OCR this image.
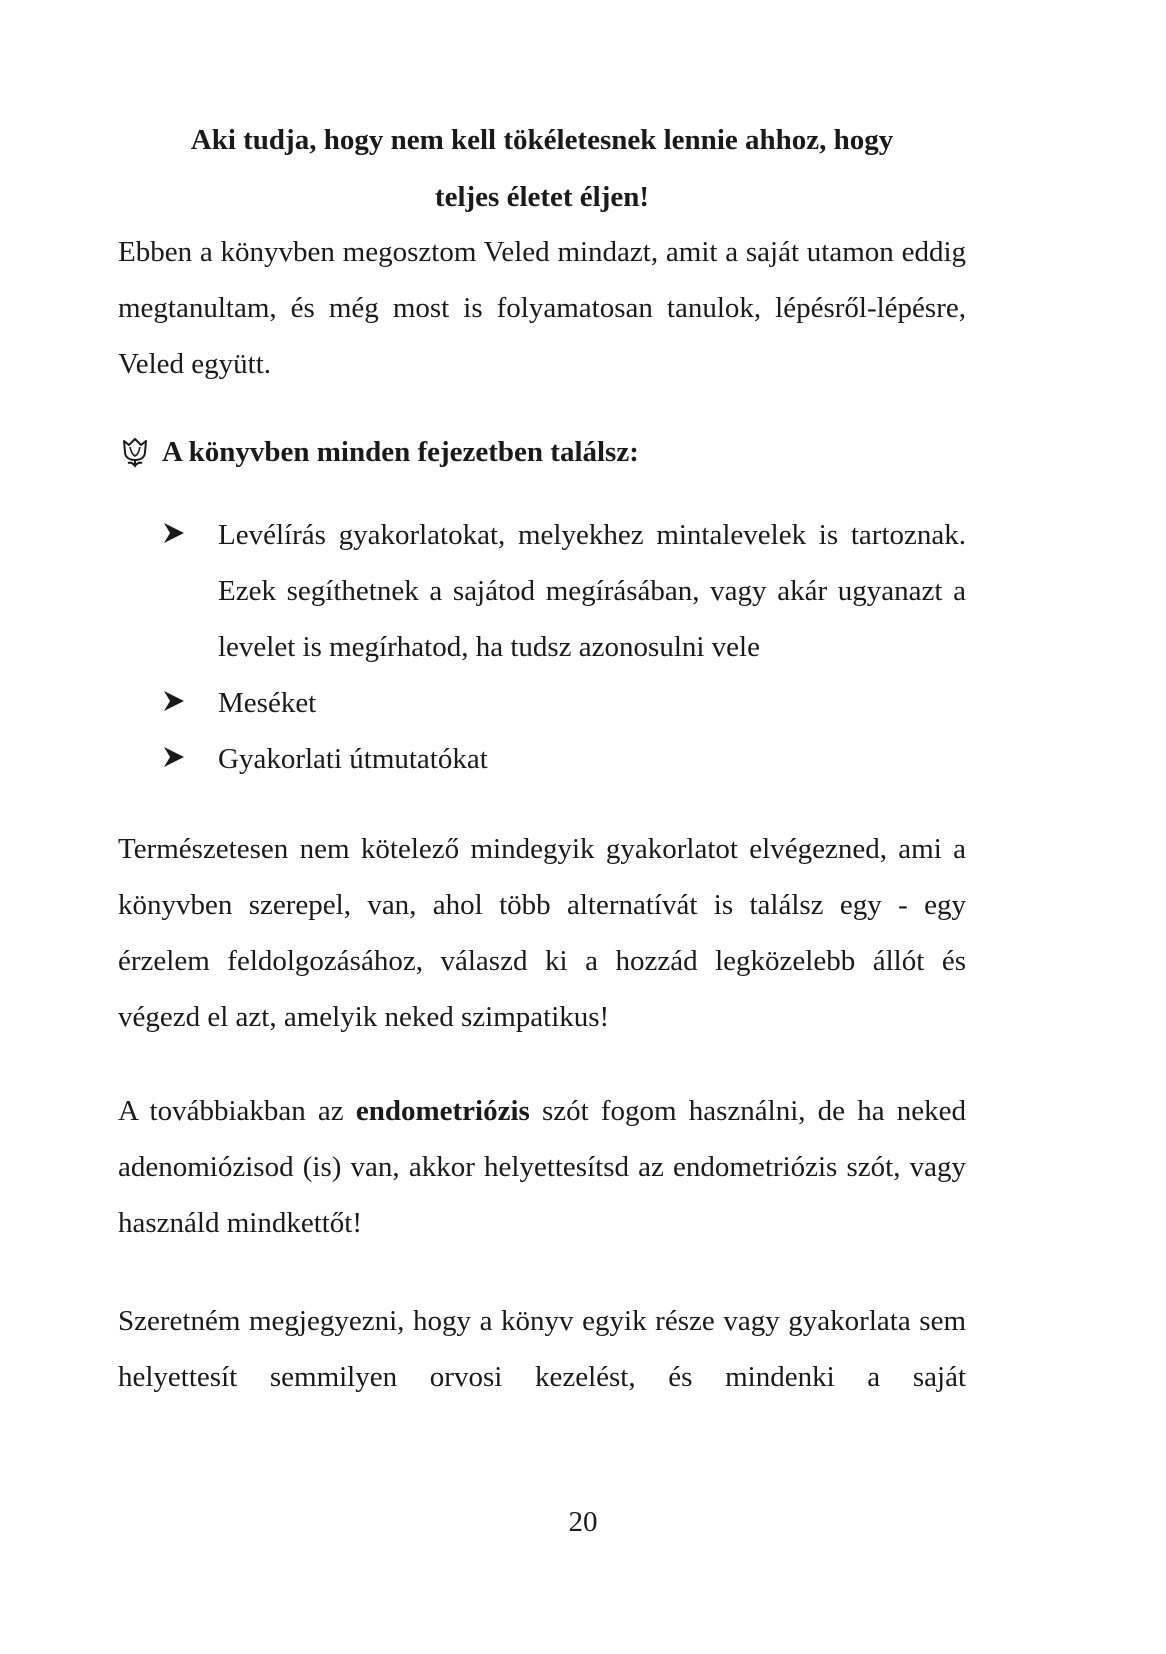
Aki tudja, hogy nem kell tökéletesnek lennie ahhoz, hogy
teljes életet éljen!
Ebben a könyvben megosztom Veled mindazt, amit a saját utamon eddig megtanultam, és még most is folyamatosan tanulok, lépésről-lépésre, Veled együtt.
A könyvben minden fejezetben találsz:
Levélírás gyakorlatokat, melyekhez mintalevelek is tartoznak. Ezek segíthetnek a sajátod megírásában, vagy akár ugyanazt a levelet is megírhatod, ha tudsz azonosulni vele
Meséket
Gyakorlati útmutatókat
Természetesen nem kötelező mindegyik gyakorlatot elvégezned, ami a könyvben szerepel, van, ahol több alternatívát is találsz egy - egy érzelem feldolgozásához, válaszd ki a hozzád legközelebb állót és végezd el azt, amelyik neked szimpatikus!
A továbbiakban az endometriózis szót fogom használni, de ha neked adenomiózisod (is) van, akkor helyettesítsd az endometriózis szót, vagy használd mindkettőt!
Szeretném megjegyezni, hogy a könyv egyik része vagy gyakorlata sem helyettesít semmilyen orvosi kezelést, és mindenki a saját
20
